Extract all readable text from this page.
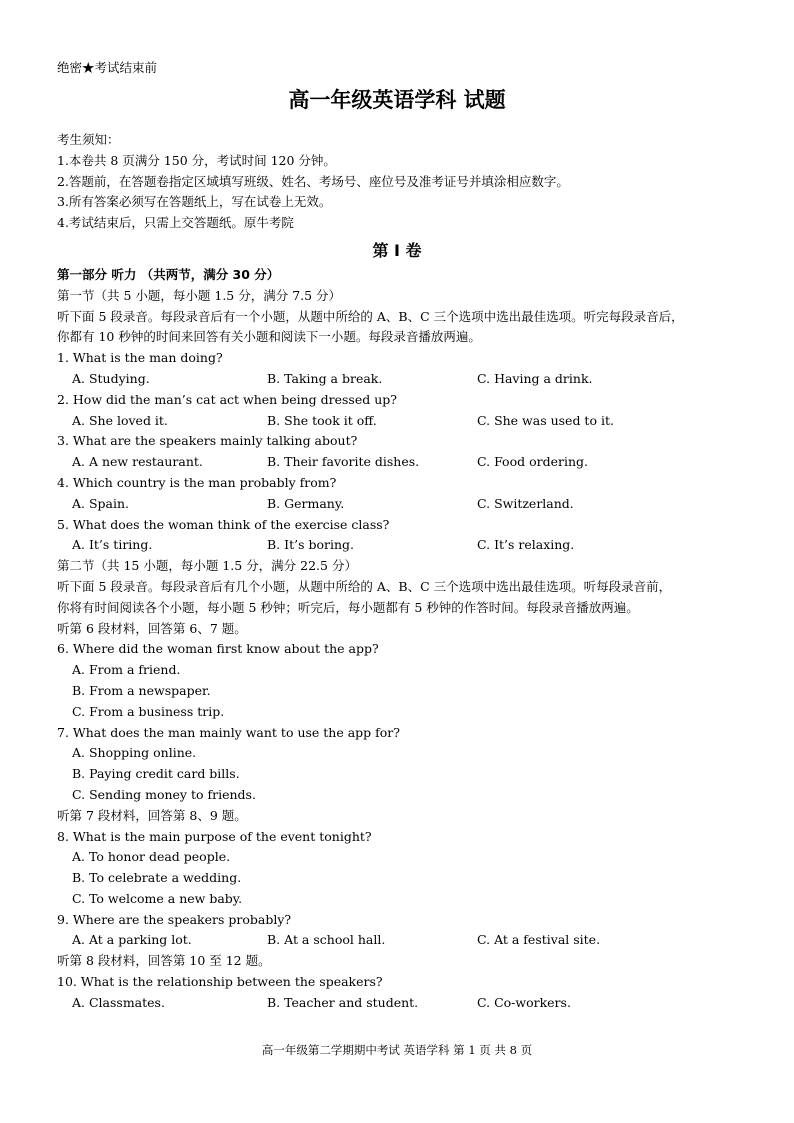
绝密★考试结束前
高一年级英语学科 试题
考生须知：
1.本卷共 8 页满分 150 分，考试时间 120 分钟。
2.答题前，在答题卷指定区域填写班级、姓名、考场号、座位号及准考证号并填涂相应数字。
3.所有答案必须写在答题纸上，写在试卷上无效。
4.考试结束后，只需上交答题纸。原牛考院
第 I 卷
第一部分 听力 （共两节，满分 30 分）
第一节（共 5 小题，每小题 1.5 分，满分 7.5 分）
听下面 5 段录音。每段录音后有一个小题，从题中所给的 A、B、C 三个选项中选出最佳选项。听完每段录音后，
你都有 10 秒钟的时间来回答有关小题和阅读下一小题。每段录音播放两遍。
1. What is the man doing?
A. Studying.	B. Taking a break.	C. Having a drink.
2. How did the man’s cat act when being dressed up?
A. She loved it.	B. She took it off.	C. She was used to it.
3. What are the speakers mainly talking about?
A. A new restaurant.	B. Their favorite dishes.	C. Food ordering.
4. Which country is the man probably from?
A. Spain.	B. Germany.	C. Switzerland.
5. What does the woman think of the exercise class?
A. It’s tiring.	B. It’s boring.	C. It’s relaxing.
第二节（共 15 小题，每小题 1.5 分，满分 22.5 分）
听下面 5 段录音。每段录音后有几个小题，从题中所给的 A、B、C 三个选项中选出最佳选项。听每段录音前，
你将有时间阅读各个小题，每小题 5 秒钟；听完后，每小题都有 5 秒钟的作答时间。每段录音播放两遍。
听第 6 段材料，回答第 6、7 题。
6. Where did the woman first know about the app?
A. From a friend.
B. From a newspaper.
C. From a business trip.
7. What does the man mainly want to use the app for?
A. Shopping online.
B. Paying credit card bills.
C. Sending money to friends.
听第 7 段材料，回答第 8、9 题。
8. What is the main purpose of the event tonight?
A. To honor dead people.
B. To celebrate a wedding.
C. To welcome a new baby.
9. Where are the speakers probably?
A. At a parking lot.	B. At a school hall.	C. At a festival site.
听第 8 段材料，回答第 10 至 12 题。
10. What is the relationship between the speakers?
A. Classmates.	B. Teacher and student.	C. Co-workers.
高一年级第二学期期中考试 英语学科 第 1 页 共 8 页
